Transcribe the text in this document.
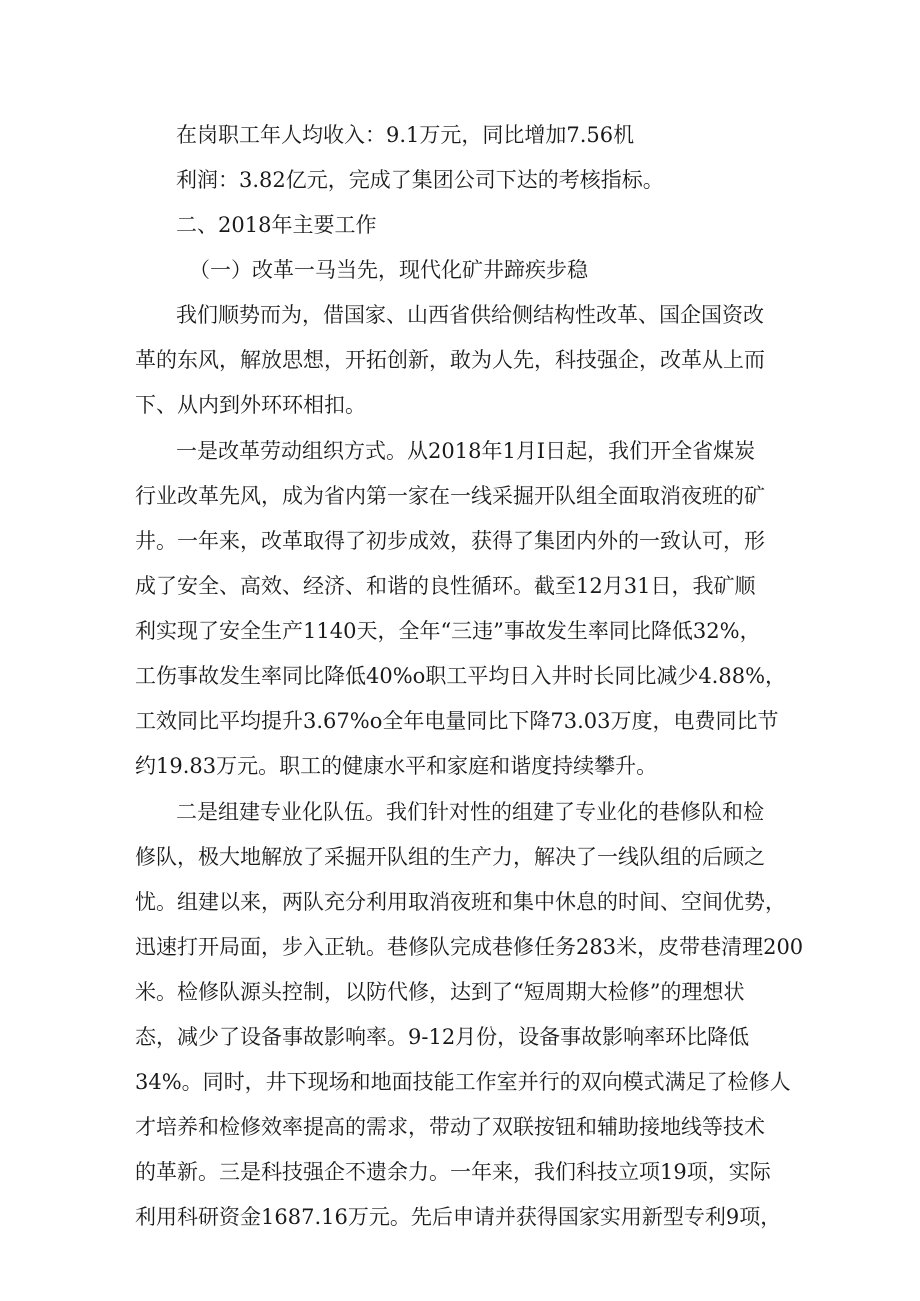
在岗职工年人均收入：9.1万元，同比增加7.56机

利润：3.82亿元，完成了集团公司下达的考核指标。

二、2018年主要工作

（一）改革一马当先，现代化矿井蹄疾步稳

我们顺势而为，借国家、山西省供给侧结构性改革、国企国资改

革的东风，解放思想，开拓创新，敢为人先，科技强企，改革从上而

下、从内到外环环相扣。

一是改革劳动组织方式。从2018年1月I日起，我们开全省煤炭

行业改革先风，成为省内第一家在一线采掘开队组全面取消夜班的矿

井。一年来，改革取得了初步成效，获得了集团内外的一致认可，形

成了安全、高效、经济、和谐的良性循环。截至12月31日，我矿顺

利实现了安全生产1140天，全年“三违”事故发生率同比降低32%，

工伤事故发生率同比降低40%o职工平均日入井时长同比减少4.88%，

工效同比平均提升3.67%o全年电量同比下降73.03万度，电费同比节

约19.83万元。职工的健康水平和家庭和谐度持续攀升。

二是组建专业化队伍。我们针对性的组建了专业化的巷修队和检

修队，极大地解放了采掘开队组的生产力，解决了一线队组的后顾之

忧。组建以来，两队充分利用取消夜班和集中休息的时间、空间优势，

迅速打开局面，步入正轨。巷修队完成巷修任务283米，皮带巷清理200

米。检修队源头控制，以防代修，达到了“短周期大检修”的理想状

态，减少了设备事故影响率。9-12月份，设备事故影响率环比降低

34%。同时，井下现场和地面技能工作室并行的双向模式满足了检修人

才培养和检修效率提高的需求，带动了双联按钮和辅助接地线等技术

的革新。三是科技强企不遗余力。一年来，我们科技立项19项，实际

利用科研资金1687.16万元。先后申请并获得国家实用新型专利9项，
